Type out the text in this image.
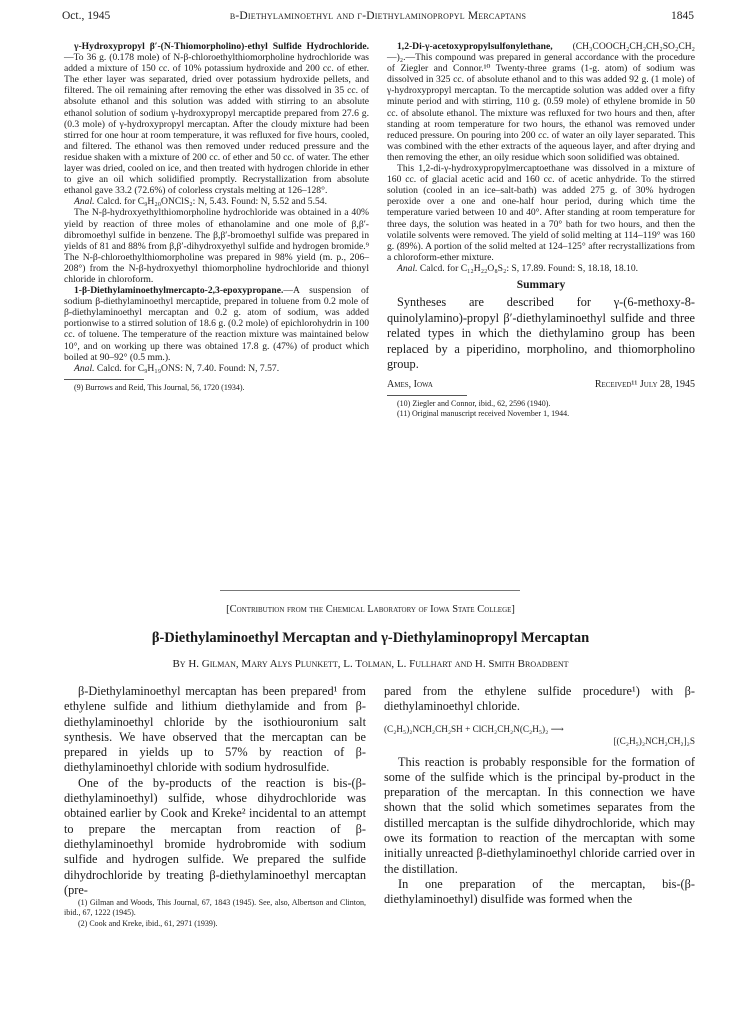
Oct., 1945	β-Diethylaminoethyl and γ-Diethylaminopropyl Mercaptans	1845

γ-Hydroxypropyl β′-(N-Thiomorpholino)-ethyl Sulfide Hydrochloride.—To 36 g. (0.178 mole) of N-β-chloroethylthiomorpholine hydrochloride was added a mixture of 150 cc. of 10% potassium hydroxide and 200 cc. of ether. The ether layer was separated, dried over potassium hydroxide pellets, and filtered. The oil remaining after removing the ether was dissolved in 35 cc. of absolute ethanol and this solution was added with stirring to an absolute ethanol solution of sodium γ-hydroxypropyl mercaptide prepared from 27.6 g. (0.3 mole) of γ-hydroxypropyl mercaptan. After the cloudy mixture had been stirred for one hour at room temperature, it was refluxed for five hours, cooled, and filtered. The ethanol was then removed under reduced pressure and the residue shaken with a mixture of 200 cc. of ether and 50 cc. of water. The ether layer was dried, cooled on ice, and then treated with hydrogen chloride in ether to give an oil which solidified promptly. Recrystallization from absolute ethanol gave 33.2 (72.6%) of colorless crystals melting at 126–128°.

Anal. Calcd. for C₉H₂₀ONClS₂: N, 5.43. Found: N, 5.52 and 5.54.

The N-β-hydroxyethylthiomorpholine hydrochloride was obtained in a 40% yield by reaction of three moles of ethanolamine and one mole of β,β′-dibromoethyl sulfide in benzene. The β,β′-bromoethyl sulfide was prepared in yields of 81 and 88% from β,β′-dihydroxyethyl sulfide and hydrogen bromide.⁹ The N-β-chloroethylthiomorpholine was prepared in 98% yield (m. p., 206–208°) from the N-β-hydroxyethyl thiomorpholine hydrochloride and thionyl chloride in chloroform.

1-β-Diethylaminoethylmercapto-2,3-epoxypropane.—A suspension of sodium β-diethylaminoethyl mercaptide, prepared in toluene from 0.2 mole of β-diethylaminoethyl mercaptan and 0.2 g. atom of sodium, was added portionwise to a stirred solution of 18.6 g. (0.2 mole) of epichlorohydrin in 100 cc. of toluene. The temperature of the reaction mixture was maintained below 10°, and on working up there was obtained 17.8 g. (47%) of product which boiled at 90–92° (0.5 mm.).

Anal. Calcd. for C₉H₁₉ONS: N, 7.40. Found: N, 7.57.

(9) Burrows and Reid, This Journal, 56, 1720 (1934).

1,2-Di-γ-acetoxypropylsulfonylethane, (CH₃COOCH₂CH₂CH₂SO₂CH₂—)₂.—This compound was prepared in general accordance with the procedure of Ziegler and Connor.¹⁰ Twenty-three grams (1-g. atom) of sodium was dissolved in 325 cc. of absolute ethanol and to this was added 92 g. (1 mole) of γ-hydroxypropyl mercaptan. To the mercaptide solution was added over a fifty minute period and with stirring, 110 g. (0.59 mole) of ethylene bromide in 50 cc. of absolute ethanol. The mixture was refluxed for two hours and then, after standing at room temperature for two hours, the ethanol was removed under reduced pressure. On pouring into 200 cc. of water an oily layer separated. This was combined with the ether extracts of the aqueous layer, and after drying and then removing the ether, an oily residue which soon solidified was obtained.

This 1,2-di-γ-hydroxypropylmercaptoethane was dissolved in a mixture of 160 cc. of glacial acetic acid and 160 cc. of acetic anhydride. To the stirred solution (cooled in an ice–salt-bath) was added 275 g. of 30% hydrogen peroxide over a one and one-half hour period, during which time the temperature varied between 10 and 40°. After standing at room temperature for three days, the solution was heated in a 70° bath for two hours, and then the volatile solvents were removed. The yield of solid melting at 114–119° was 160 g. (89%). A portion of the solid melted at 124–125° after recrystallizations from a chloroform-ether mixture.

Anal. Calcd. for C₁₂H₂₂O₈S₂: S, 17.89. Found: S, 18.18, 18.10.

Summary

Syntheses are described for γ-(6-methoxy-8-quinolylamino)-propyl β′-diethylaminoethyl sulfide and three related types in which the diethylamino group has been replaced by a piperidino, morpholino, and thiomorpholino group.

Ames, Iowa	Received¹¹ July 28, 1945

(10) Ziegler and Connor, ibid., 62, 2596 (1940).

(11) Original manuscript received November 1, 1944.

[Contribution from the Chemical Laboratory of Iowa State College]
β-Diethylaminoethyl Mercaptan and γ-Diethylaminopropyl Mercaptan
By H. Gilman, Mary Alys Plunkett, L. Tolman, L. Fullhart and H. Smith Broadbent

β-Diethylaminoethyl mercaptan has been prepared¹ from ethylene sulfide and lithium diethylamide and from β-diethylaminoethyl chloride by the isothiouronium salt synthesis. We have observed that the mercaptan can be prepared in yields up to 57% by reaction of β-diethylaminoethyl chloride with sodium hydrosulfide.

One of the by-products of the reaction is bis-(β-diethylaminoethyl) sulfide, whose dihydrochloride was obtained earlier by Cook and Kreke² incidental to an attempt to prepare the mercaptan from reaction of β-diethylaminoethyl bromide hydrobromide with sodium sulfide and hydrogen sulfide. We prepared the sulfide dihydrochloride by treating β-diethylaminoethyl mercaptan (pre-

(1) Gilman and Woods, This Journal, 67, 1843 (1945). See, also, Albertson and Clinton, ibid., 67, 1222 (1945).

(2) Cook and Kreke, ibid., 61, 2971 (1939).

pared from the ethylene sulfide procedure¹) with β-diethylaminoethyl chloride.

(C₂H₅)₂NCH₂CH₂SH + ClCH₂CH₂N(C₂H₅)₂ ⟶
[(C₂H₅)₂NCH₂CH₂]₂S

This reaction is probably responsible for the formation of some of the sulfide which is the principal by-product in the preparation of the mercaptan. In this connection we have shown that the solid which sometimes separates from the distilled mercaptan is the sulfide dihydrochloride, which may owe its formation to reaction of the mercaptan with some initially unreacted β-diethylaminoethyl chloride carried over in the distillation.

In one preparation of the mercaptan, bis-(β-diethylaminoethyl) disulfide was formed when the
